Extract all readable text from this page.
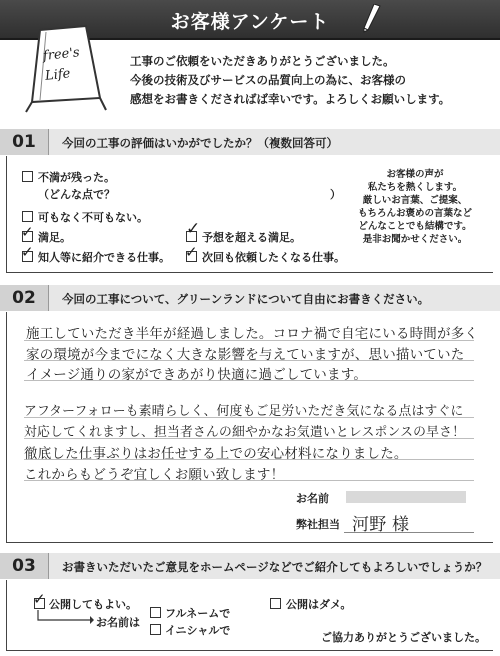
お客様アンケート
free's Life
工事のご依頼をいただきありがとうございました。
今後の技術及びサービスの品質向上の為に、お客様の
感想をお書きくださればば幸いです。よろしくお願いします。
01	今回の工事の評価はいかがでしたか？（複数回答可）
不満が残った。
（どんな点で？	）
可もなく不可もない。
✓ 満足。	✓ 予想を超える満足。
✓ 知人等に紹介できる仕事。 ✓ 次回も依頼したくなる仕事。
お客様の声が
私たちを熱くします。
厳しいお言葉、ご提案、
もちろんお褒めの言葉など
どんなことでも結構です。
是非お聞かせください。
02	今回の工事について、グリーンランドについて自由にお書きください。
施工していただき半年が経過しました。コロナ禍で自宅にいる時間が多く
家の環境が今までになく大きな影響を与えていますが、思い描いていた
イメージ通りの家ができあがり快適に過ごしています。
アフターフォローも素晴らしく、何度もご足労いただき気になる点はすぐに
対応してくれますし、担当者さんの細やかなお気遣いとレスポンスの早さ！
徹底した仕事ぶりはお任せする上での安心材料になりました。
これからもどうぞ宜しくお願い致します！
お名前
弊社担当 河野 様
03	お書きいただいたご意見をホームページなどでご紹介してもよろしいでしょうか？
✓ 公開してもよい。
お名前は
フルネームで
イニシャルで
公開はダメ。
ご協力ありがとうございました。
